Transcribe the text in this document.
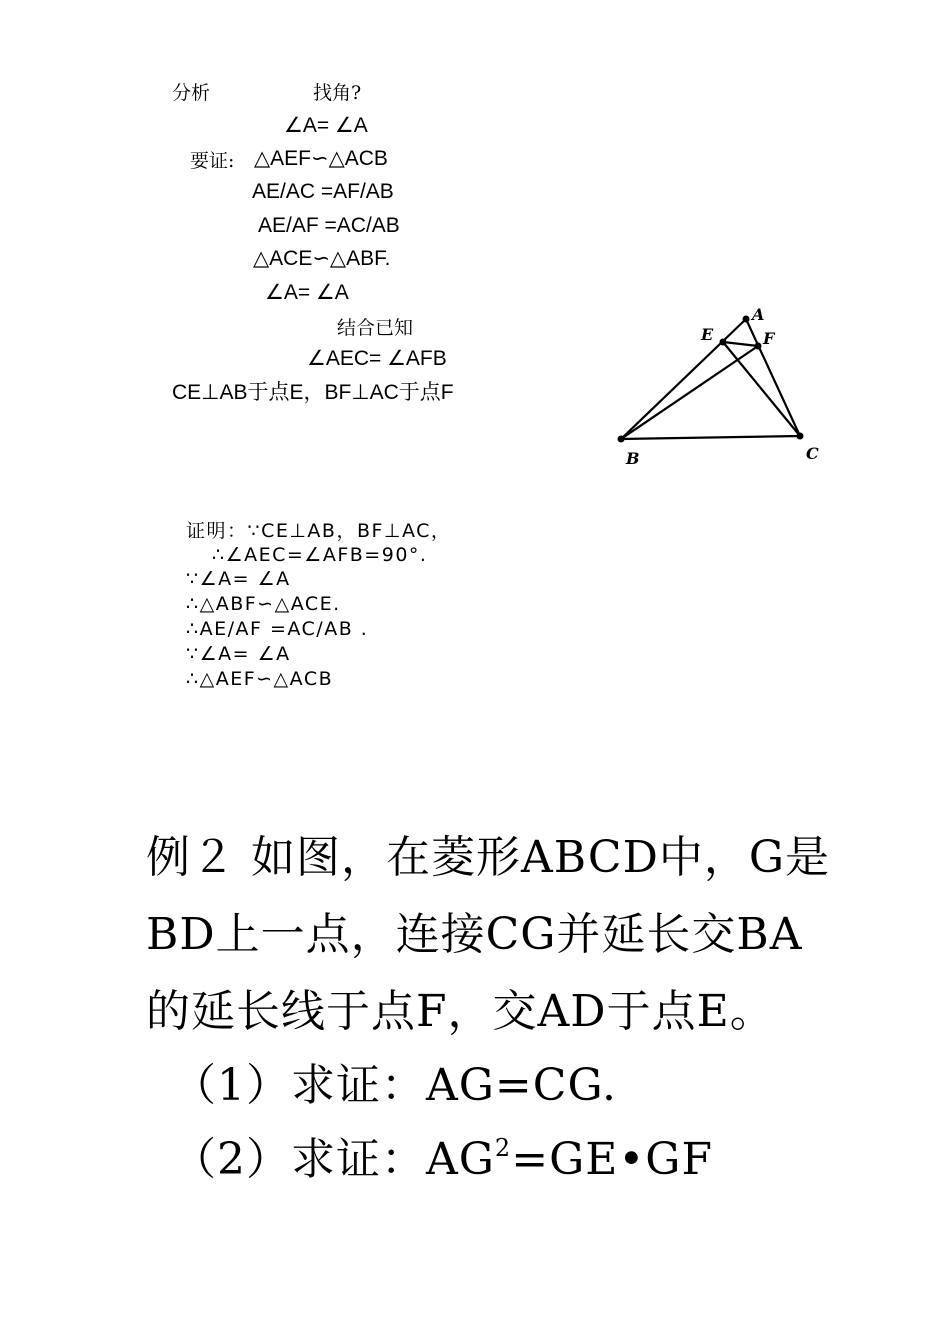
分析	找角?
∠A= ∠A
要证: △AEF∽△ACB
AE/AC =AF/AB
AE/AF =AC/AB
△ACE∽△ABF.
∠A= ∠A
结合已知
∠AEC= ∠AFB
CE⊥AB于点E，BF⊥AC于点F
A
E	F
B	C
证明：∵CE⊥AB，BF⊥AC，
∴∠AEC=∠AFB=90°.
∵∠A= ∠A
∴△ABF∽△ACE.
∴AE/AF =AC/AB .
∵∠A= ∠A
∴△AEF∽△ACB
例２ 如图，在菱形ABCD中，G是
BD上一点，连接CG并延长交BA
的延长线于点F，交AD于点E。
（1）求证：AG=CG.
（2）求证：$AG^2=GE•GF$
